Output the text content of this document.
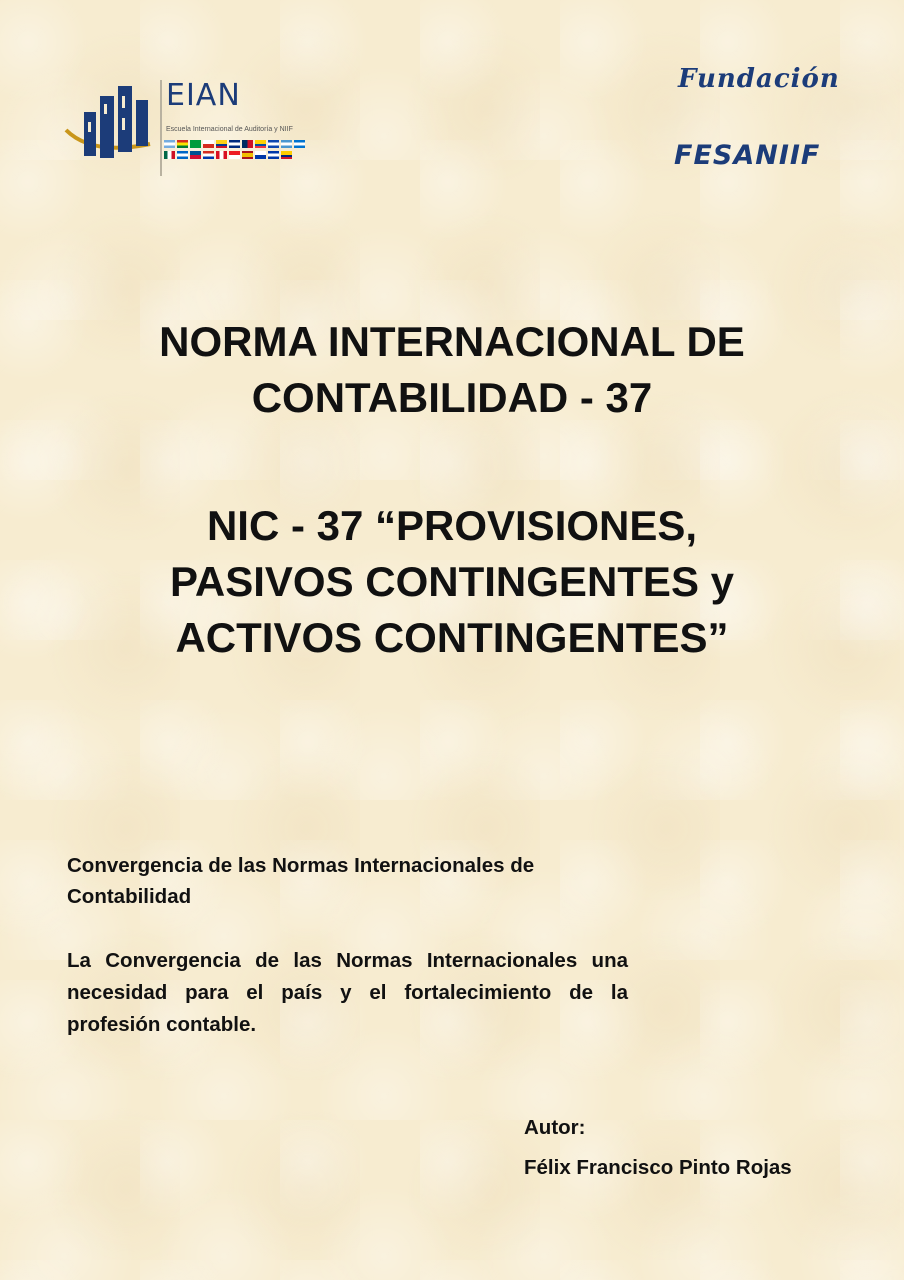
EIAN
Escuela Internacional de Auditoría y NIIF
Fundación
FESANIIF
NORMA INTERNACIONAL DE
CONTABILIDAD - 37
NIC - 37 “PROVISIONES,
PASIVOS CONTINGENTES y
ACTIVOS CONTINGENTES”
Convergencia de las Normas Internacionales de
Contabilidad
La Convergencia de las Normas Internacionales una necesidad para el país y el fortalecimiento de la profesión contable.
Autor:
Félix Francisco Pinto Rojas
